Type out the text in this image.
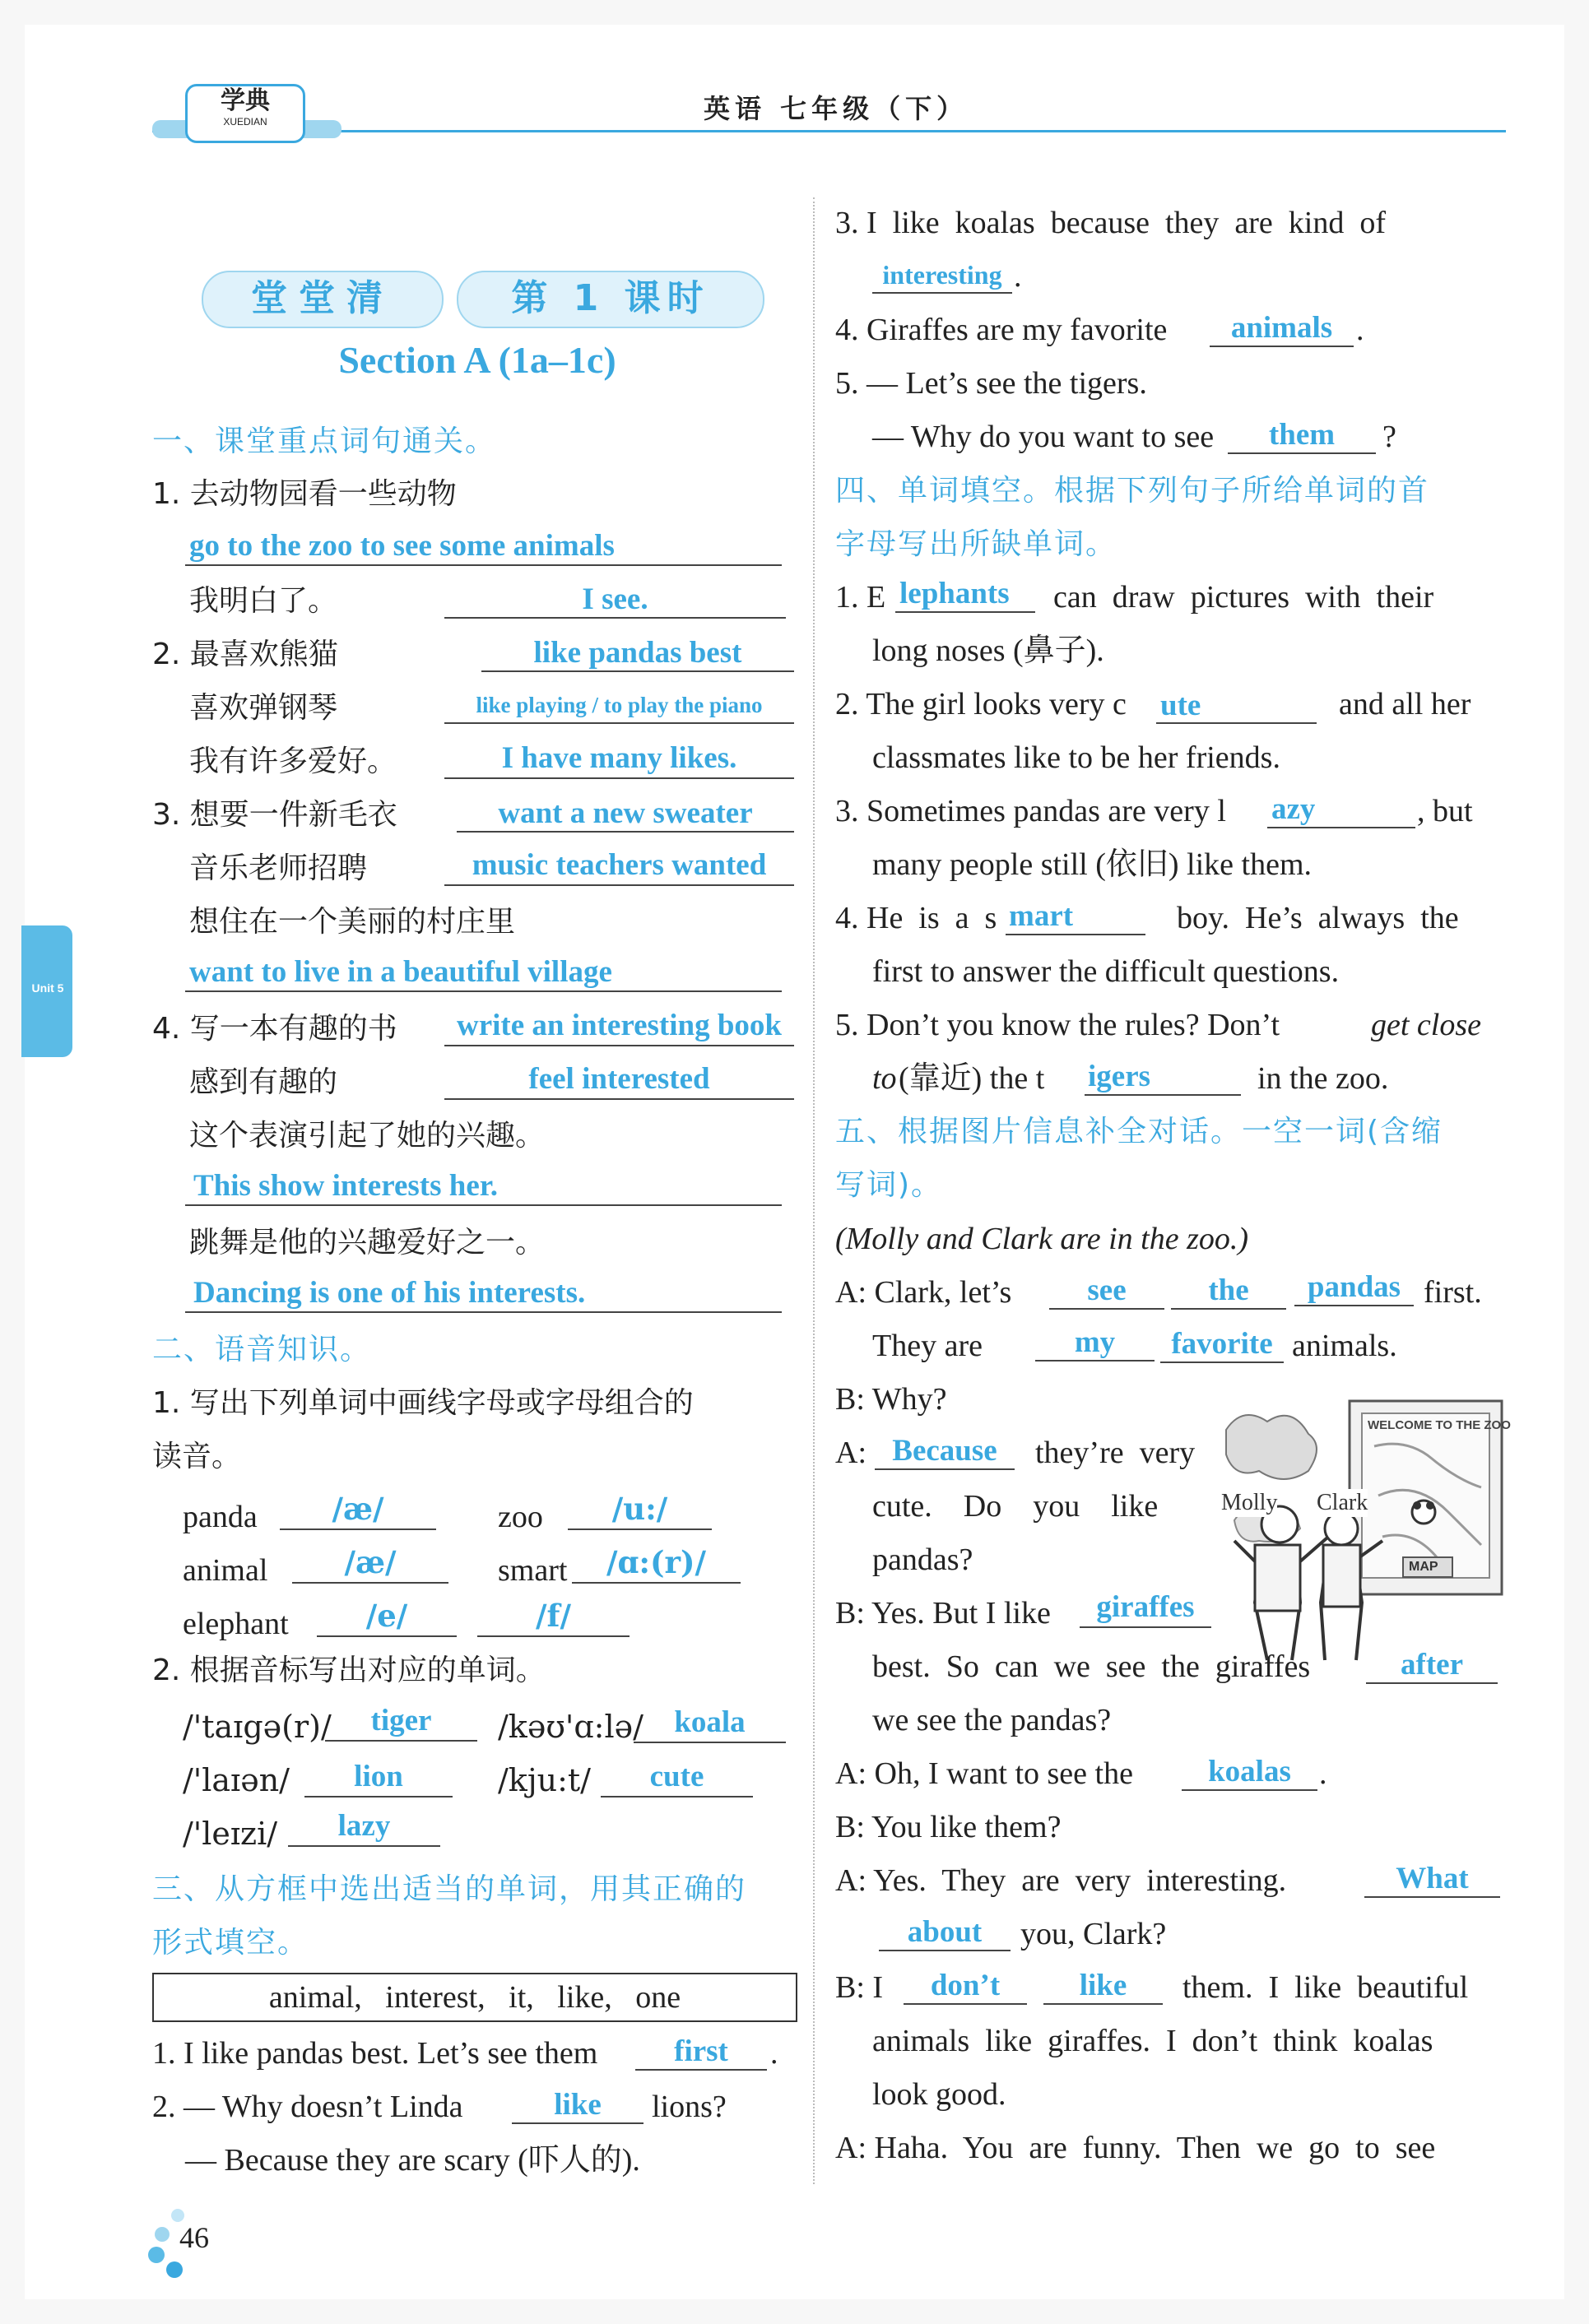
学典
XUEDIAN	英语 七年级（下）
Unit 5
堂堂清	第 1 课时
Section A (1a–1c)
一、课堂重点词句通关。
1. 去动物园看一些动物
go to the zoo to see some animals
我明白了。	I see.
2. 最喜欢熊猫	like pandas best
喜欢弹钢琴	like playing / to play the piano
我有许多爱好。	I have many likes.
3. 想要一件新毛衣	want a new sweater
音乐老师招聘	music teachers wanted
想住在一个美丽的村庄里
want to live in a beautiful village
4. 写一本有趣的书	write an interesting book
感到有趣的	feel interested
这个表演引起了她的兴趣。
This show interests her.
跳舞是他的兴趣爱好之一。
Dancing is one of his interests.
二、语音知识。
1. 写出下列单词中画线字母或字母组合的
读音。
panda	/æ/	zoo	/u:/
animal	/æ/	smart	/ɑ:(r)/
elephant	/e/	/f/
2. 根据音标写出对应的单词。
/'taɪgə(r)/	tiger	/kəʊ'ɑ:lə/	koala
/'laɪən/	lion	/kju:t/	cute
/'leɪzi/	lazy
三、从方框中选出适当的单词，用其正确的
形式填空。
animal,   interest,   it,   like,   one
1. I like pandas best. Let’s see them	first	.
2. — Why doesn’t Linda	like	lions?
— Because they are scary (吓人的).
46
3. I  like  koalas  because  they  are  kind  of
interesting .
4. Giraffes are my favorite	animals .
5. — Let’s see the tigers.
— Why do you want to see	them	?
四、单词填空。根据下列句子所给单词的首
字母写出所缺单词。
1. E lephants can  draw  pictures  with  their
long noses (鼻子).
2. The girl looks very c ute	and all her
classmates like to be her friends.
3. Sometimes pandas are very l azy	, but
many people still (依旧) like them.
4. He  is  a  s mart	boy.  He’s  always  the
first to answer the difficult questions.
5. Don’t you know the rules? Don’t	get close
to (靠近) the t igers	in the zoo.
五、根据图片信息补全对话。一空一词(含缩
写词)。
(Molly and Clark are in the zoo.)
A: Clark, let’s	see	the	pandas first.
They are	my	favorite animals.
B: Why?
WELCOME TO THE ZOO
Molly Clark
MAP
A: Because	they’re  very
cute.    Do    you    like
pandas?
B: Yes. But I like	giraffes
best.  So  can  we  see  the  giraffes	after
we see the pandas?
A: Oh, I want to see the	koalas .
B: You like them?
A: Yes.  They  are  very  interesting.	What
about	you, Clark?
B: I	don’t	like	them.  I  like  beautiful
animals  like  giraffes.  I  don’t  think  koalas
look good.
A: Haha.  You  are  funny.  Then  we  go  to  see
